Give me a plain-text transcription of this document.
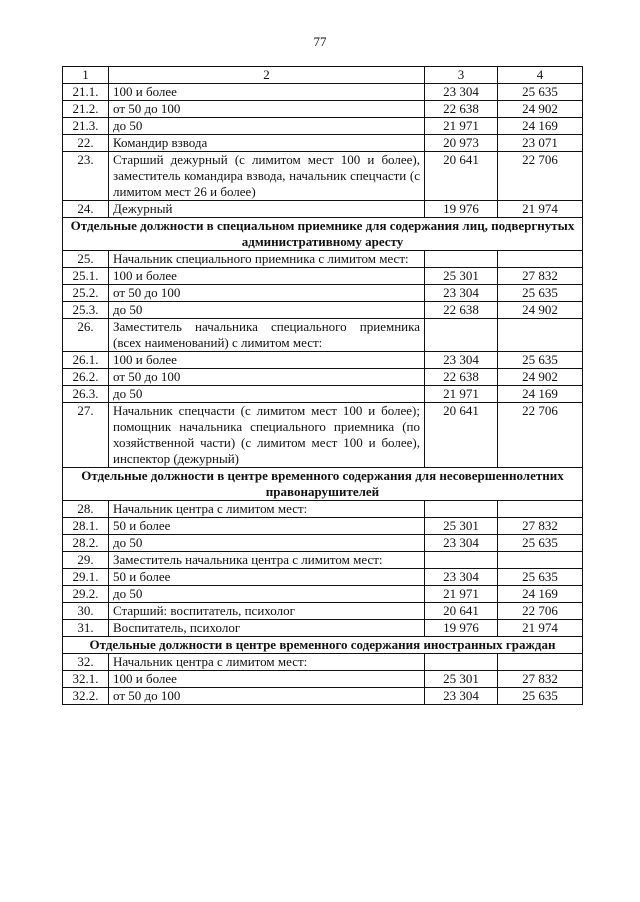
77
1	2	3	4
21.1.	100 и более	23 304	25 635
21.2.	от 50 до 100	22 638	24 902
21.3.	до 50	21 971	24 169
22.	Командир взвода	20 973	23 071
23.	Старший дежурный (с лимитом мест 100 и более), заместитель командира взвода, начальник спецчасти (с лимитом мест 26 и более)	20 641	22 706
24.	Дежурный	19 976	21 974
Отдельные должности в специальном приемнике для содержания лиц, подвергнутых административному аресту			
25.	Начальник специального приемника с лимитом мест:		
25.1.	100 и более	25 301	27 832
25.2.	от 50 до 100	23 304	25 635
25.3.	до 50	22 638	24 902
26.	Заместитель начальника специального приемника (всех наименований) с лимитом мест:		
26.1.	100 и более	23 304	25 635
26.2.	от 50 до 100	22 638	24 902
26.3.	до 50	21 971	24 169
27.	Начальник спецчасти (с лимитом мест 100 и более); помощник начальника специального приемника (по хозяйственной части) (с лимитом мест 100 и более), инспектор (дежурный)	20 641	22 706
Отдельные должности в центре временного содержания для несовершеннолетних правонарушителей			
28.	Начальник центра с лимитом мест:		
28.1.	50 и более	25 301	27 832
28.2.	до 50	23 304	25 635
29.	Заместитель начальника центра с лимитом мест:		
29.1.	50 и более	23 304	25 635
29.2.	до 50	21 971	24 169
30.	Старший: воспитатель, психолог	20 641	22 706
31.	Воспитатель, психолог	19 976	21 974
Отдельные должности в центре временного содержания иностранных граждан			
32.	Начальник центра с лимитом мест:		
32.1.	100 и более	25 301	27 832
32.2.	от 50 до 100	23 304	25 635
